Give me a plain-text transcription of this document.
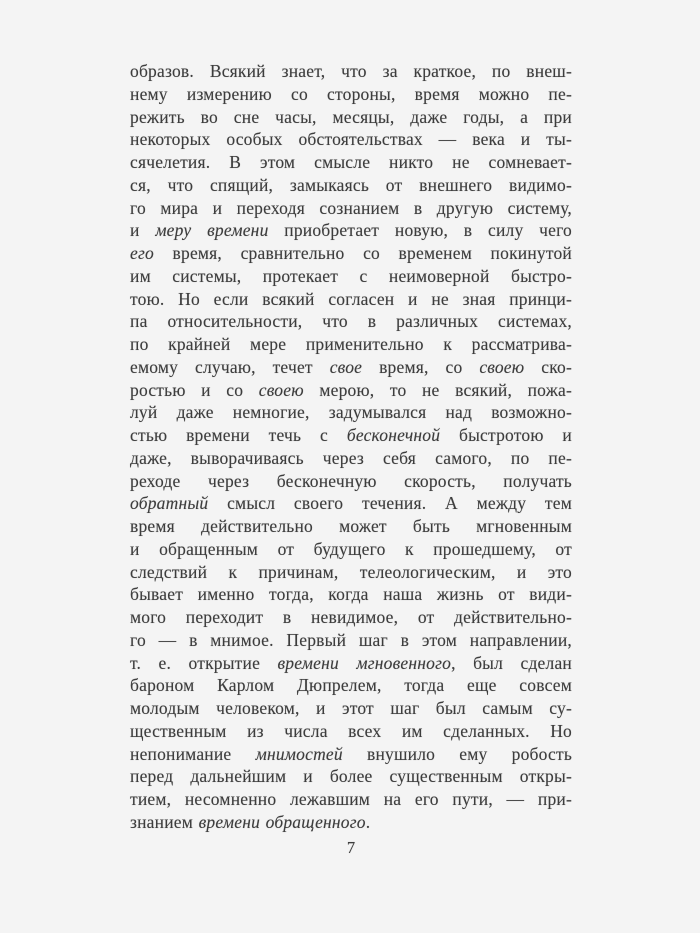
образов. Всякий знает, что за краткое, по внеш-
нему измерению со стороны, время можно пе-
режить во сне часы, месяцы, даже годы, а при
некоторых особых обстоятельствах — века и ты-
сячелетия. В этом смысле никто не сомневает-
ся, что спящий, замыкаясь от внешнего видимо-
го мира и переходя сознанием в другую систему,
и меру времени приобретает новую, в силу чего
его время, сравнительно со временем покинутой
им системы, протекает с неимоверной быстро-
тою. Но если всякий согласен и не зная принци-
па относительности, что в различных системах,
по крайней мере применительно к рассматрива-
емому случаю, течет свое время, со своею ско-
ростью и со своею мерою, то не всякий, пожа-
луй даже немногие, задумывался над возможно-
стью времени течь с бесконечной быстротою и
даже, выворачиваясь через себя самого, по пе-
реходе через бесконечную скорость, получать
обратный смысл своего течения. А между тем
время действительно может быть мгновенным
и обращенным от будущего к прошедшему, от
следствий к причинам, телеологическим, и это
бывает именно тогда, когда наша жизнь от види-
мого переходит в невидимое, от действительно-
го — в мнимое. Первый шаг в этом направлении,
т. е. открытие времени мгновенного, был сделан
бароном Карлом Дюпрелем, тогда еще совсем
молодым человеком, и этот шаг был самым су-
щественным из числа всех им сделанных. Но
непонимание мнимостей внушило ему робость
перед дальнейшим и более существенным откры-
тием, несомненно лежавшим на его пути, — при-
знанием времени обращенного.
7
